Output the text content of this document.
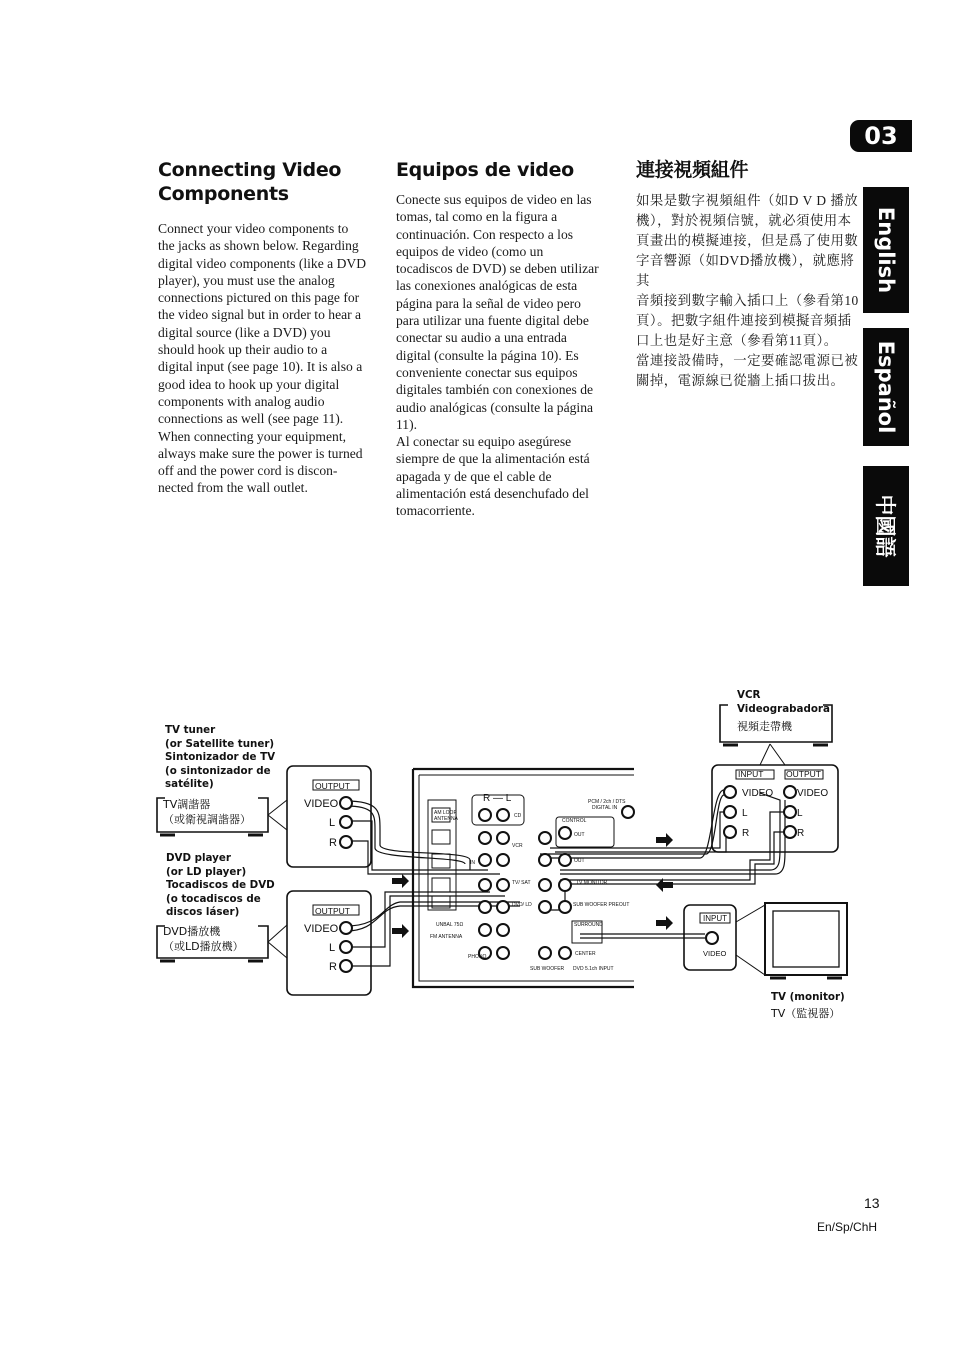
03
English
Español
中國語
Connecting Video
Components
Connect your video components to
the jacks as shown below. Regarding
digital video components (like a DVD
player), you must use the analog
connections pictured on this page for
the video signal but in order to hear a
digital source (like a DVD) you
should hook up their audio to a
digital input (see page 10). It is also a
good idea to hook up your digital
components with analog audio
connections as well (see page 11).
When connecting your equipment,
always make sure the power is turned
off and the power cord is discon-
nected from the wall outlet.
Equipos de video
Conecte sus equipos de video en las
tomas, tal como en la figura a
continuación. Con respecto a los
equipos de video (como un
tocadiscos de DVD) se deben utilizar
las conexiones analógicas de esta
página para la señal de video pero
para utilizar una fuente digital debe
conectar su audio a una entrada
digital (consulte la página 10). Es
conveniente conectar sus equipos
digitales también con conexiones de
audio analógicas (consulte la página
11).
Al conectar su equipo asegúrese
siempre de que la alimentación está
apagada y de que el cable de
alimentación está desenchufado del
tomacorriente.
連接視頻組件
如果是數字視頻組件（如D V D 播放
機），對於視頻信號，就必須使用本
頁畫出的模擬連接，但是爲了使用數
字音響源（如DVD播放機），就應將其
音頻接到數字輸入插口上（參看第10
頁）。把數字組件連接到模擬音頻插
口上也是好主意（參看第11頁）。
當連接設備時，一定要確認電源已被
關掉，電源線已從牆上插口拔出。
TV tuner
(or Satellite tuner)
Sintonizador de TV
(o sintonizador de
satélite)
TV調諧器
（或衛視調諧器）
DVD player
(or LD player)
Tocadiscos de DVD
(o tocadiscos de
discos láser)
DVD播放機
（或LD播放機）
VCR
Videograbadora
視頻走帶機
TV (monitor)
TV（監視器）
OUTPUT
VIDEO
L
R
OUTPUT
VIDEO
L
R
R — L
AM LOOP
ANTENNA	CD
CONTROL
OUT
PCM / 2ch / DTS
DIGITAL IN
VCR
TV/ SAT
DVD/ LD
TV MONITOR
OUT
IN
UNBAL 75Ω
FM ANTENNA
PHONO
SUB WOOFER PREOUT
SURROUND
CENTER
SUB WOOFER DVD 5.1ch INPUT
INPUT	OUTPUT
VIDEO
L
R
VIDEO
L
R
INPUT
VIDEO
13
En/Sp/ChH
